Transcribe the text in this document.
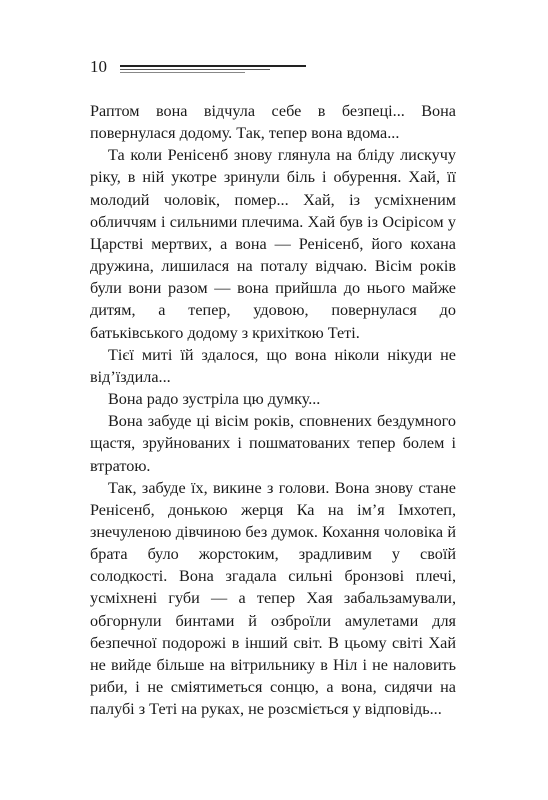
10

Раптом вона відчула себе в безпеці... Вона повернулася додому. Так, тепер вона вдома...

Та коли Ренісенб знову глянула на бліду лискучу ріку, в ній укотре зринули біль і обурення. Хай, її молодий чоловік, помер... Хай, із усміхненим обличчям і сильними плечима. Хай був із Осірісом у Царстві мертвих, а вона — Ренісенб, його кохана дружина, лишилася на поталу відчаю. Вісім років були вони разом — вона прийшла до нього майже дитям, а тепер, удовою, повернулася до батьківського додому з крихіткою Теті.

Тієї миті їй здалося, що вона ніколи нікуди не від’їздила...

Вона радо зустріла цю думку...

Вона забуде ці вісім років, сповнених бездумного щастя, зруйнованих і пошматованих тепер болем і втратою.

Так, забуде їх, викине з голови. Вона знову стане Ренісенб, донькою жерця Ка на ім’я Імхотеп, знечуленою дівчиною без думок. Кохання чоловіка й брата було жорстоким, зрадливим у своїй солодкості. Вона згадала сильні бронзові плечі, усміхнені губи — а тепер Хая забальзамували, обгорнули бинтами й озброїли амулетами для безпечної подорожі в інший світ. В цьому світі Хай не вийде більше на вітрильнику в Ніл і не наловить риби, і не сміятиметься сонцю, а вона, сидячи на палубі з Теті на руках, не розсміється у відповідь...
